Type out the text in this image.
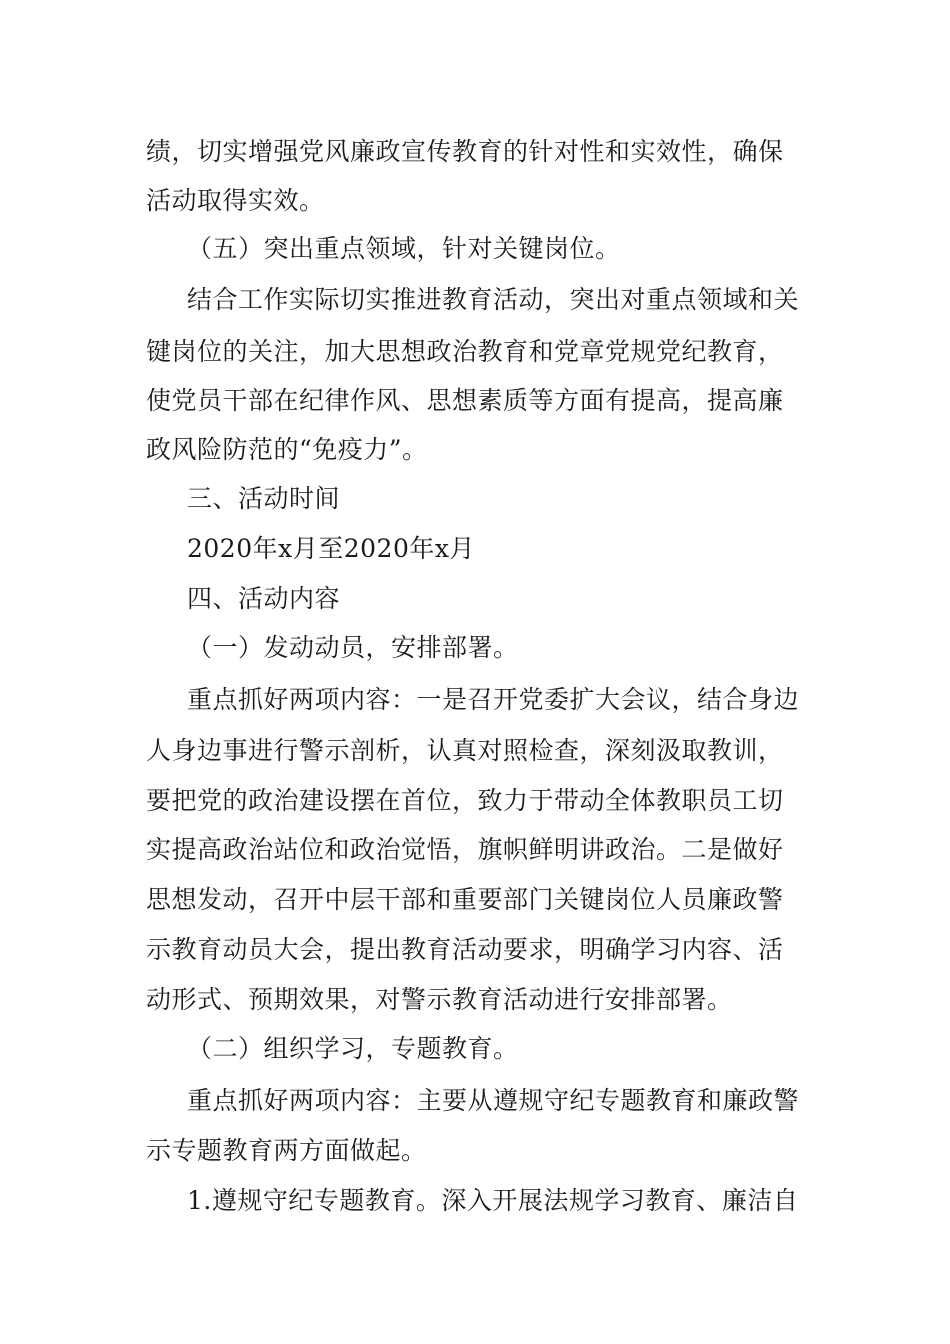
绩，切实增强党风廉政宣传教育的针对性和实效性，确保
活动取得实效。
（五）突出重点领域，针对关键岗位。
结合工作实际切实推进教育活动，突出对重点领域和关
键岗位的关注，加大思想政治教育和党章党规党纪教育，
使党员干部在纪律作风、思想素质等方面有提高，提高廉
政风险防范的“免疫力”。
三、活动时间
2020年x月至2020年x月
四、活动内容
（一）发动动员，安排部署。
重点抓好两项内容：一是召开党委扩大会议，结合身边
人身边事进行警示剖析，认真对照检查，深刻汲取教训，
要把党的政治建设摆在首位，致力于带动全体教职员工切
实提高政治站位和政治觉悟，旗帜鲜明讲政治。二是做好
思想发动，召开中层干部和重要部门关键岗位人员廉政警
示教育动员大会，提出教育活动要求，明确学习内容、活
动形式、预期效果，对警示教育活动进行安排部署。
（二）组织学习，专题教育。
重点抓好两项内容：主要从遵规守纪专题教育和廉政警
示专题教育两方面做起。
1.遵规守纪专题教育。深入开展法规学习教育、廉洁自
